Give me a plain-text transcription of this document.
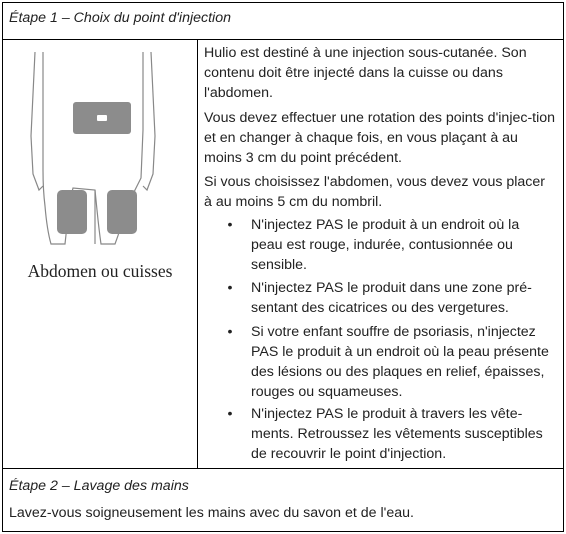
Étape 1 – Choix du point d'injection
Abdomen ou cuisses

Hulio est destiné à une injection sous-cutanée. Son contenu doit être injecté dans la cuisse ou dans l'abdomen.

Vous devez effectuer une rotation des points d'injec-tion et en changer à chaque fois, en vous plaçant à au moins 3 cm du point précédent.

Si vous choisissez l'abdomen, vous devez vous placer à au moins 5 cm du nombril.

• N'injectez PAS le produit à un endroit où la peau est rouge, indurée, contusionnée ou sensible.
• N'injectez PAS le produit dans une zone pré-sentant des cicatrices ou des vergetures.
• Si votre enfant souffre de psoriasis, n'injectez PAS le produit à un endroit où la peau présente des lésions ou des plaques en relief, épaisses, rouges ou squameuses.
• N'injectez PAS le produit à travers les vête-ments. Retroussez les vêtements susceptibles de recouvrir le point d'injection.
Étape 2 – Lavage des mains
Lavez-vous soigneusement les mains avec du savon et de l'eau.
